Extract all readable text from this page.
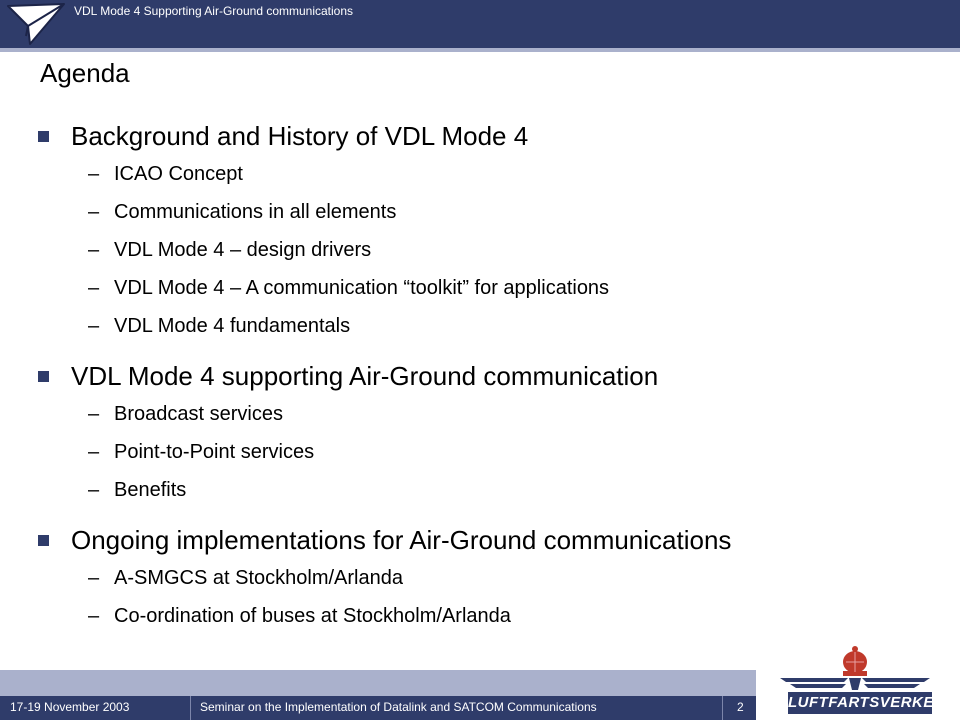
VDL Mode 4 Supporting Air-Ground communications
Agenda
Background and History of VDL Mode 4
– ICAO Concept
– Communications in all elements
– VDL Mode 4 – design drivers
– VDL Mode 4 – A communication “toolkit” for applications
– VDL Mode 4 fundamentals
VDL Mode 4 supporting Air-Ground communication
– Broadcast services
– Point-to-Point services
– Benefits
Ongoing implementations for Air-Ground communications
– A-SMGCS at Stockholm/Arlanda
– Co-ordination of buses at Stockholm/Arlanda
17-19 November 2003	Seminar on the Implementation of Datalink and SATCOM Communications	2	LUFTFARTSVERKET
